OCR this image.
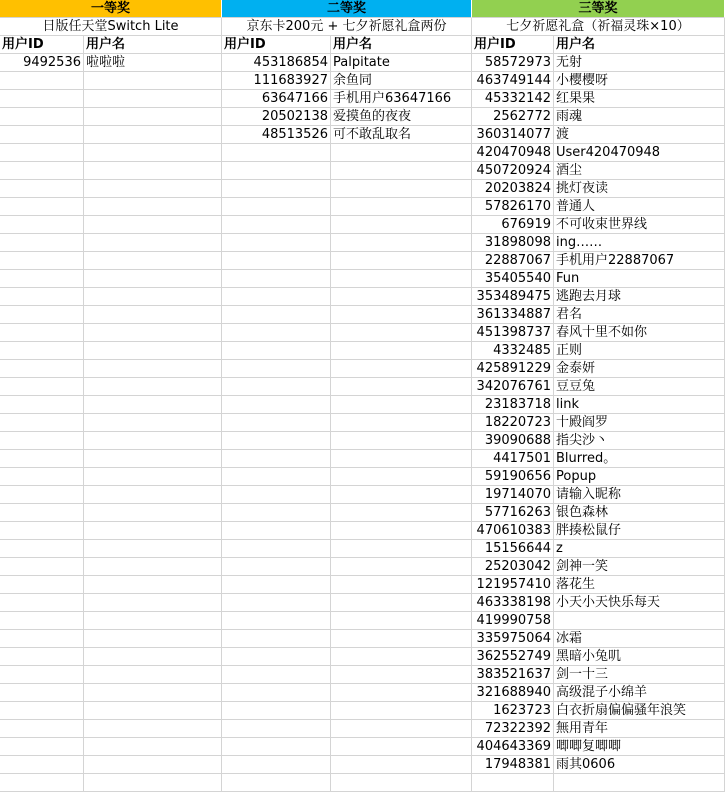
一等奖
日版任天堂Switch Lite
用户ID	用户名
9492536 啦啦啦
二等奖
京东卡200元 + 七夕祈愿礼盒两份
用户ID	用户名
453186854 Palpitate
111683927 余鱼同
63647166 手机用户63647166
20502138 爱摸鱼的夜夜
48513526 可不敢乱取名
三等奖
七夕祈愿礼盒（祈福灵珠×10）
用户ID	用户名
58572973 无射
463749144 小樱樱呀
45332142 红果果
2562772 雨魂
360314077 渡
420470948 User420470948
450720924 酒尘
20203824 挑灯夜读
57826170 普通人
676919 不可收束世界线
31898098 ing……
22887067 手机用户22887067
35405540 Fun
353489475 逃跑去月球
361334887 君名
451398737 春风十里不如你
4332485 正则
425891229 金泰妍
342076761 豆豆兔
23183718 link
18220723 十殿阎罗
39090688 指尖沙丶
4417501 Blurred。
59190656 Popup
19714070 请输入昵称
57716263 银色森林
470610383 胖揍松鼠仔
15156644 z
25203042 剑神一笑
121957410 落花生
463338198 小天小天快乐每天
419990758
335975064 冰霜
362552749 黑暗小兔叽
383521637 剑一十三
321688940 高级混子小绵羊
1623723 白衣折扇偏偏骚年浪笑
72322392 無用青年
404643369 唧唧复唧唧
17948381 雨其0606
